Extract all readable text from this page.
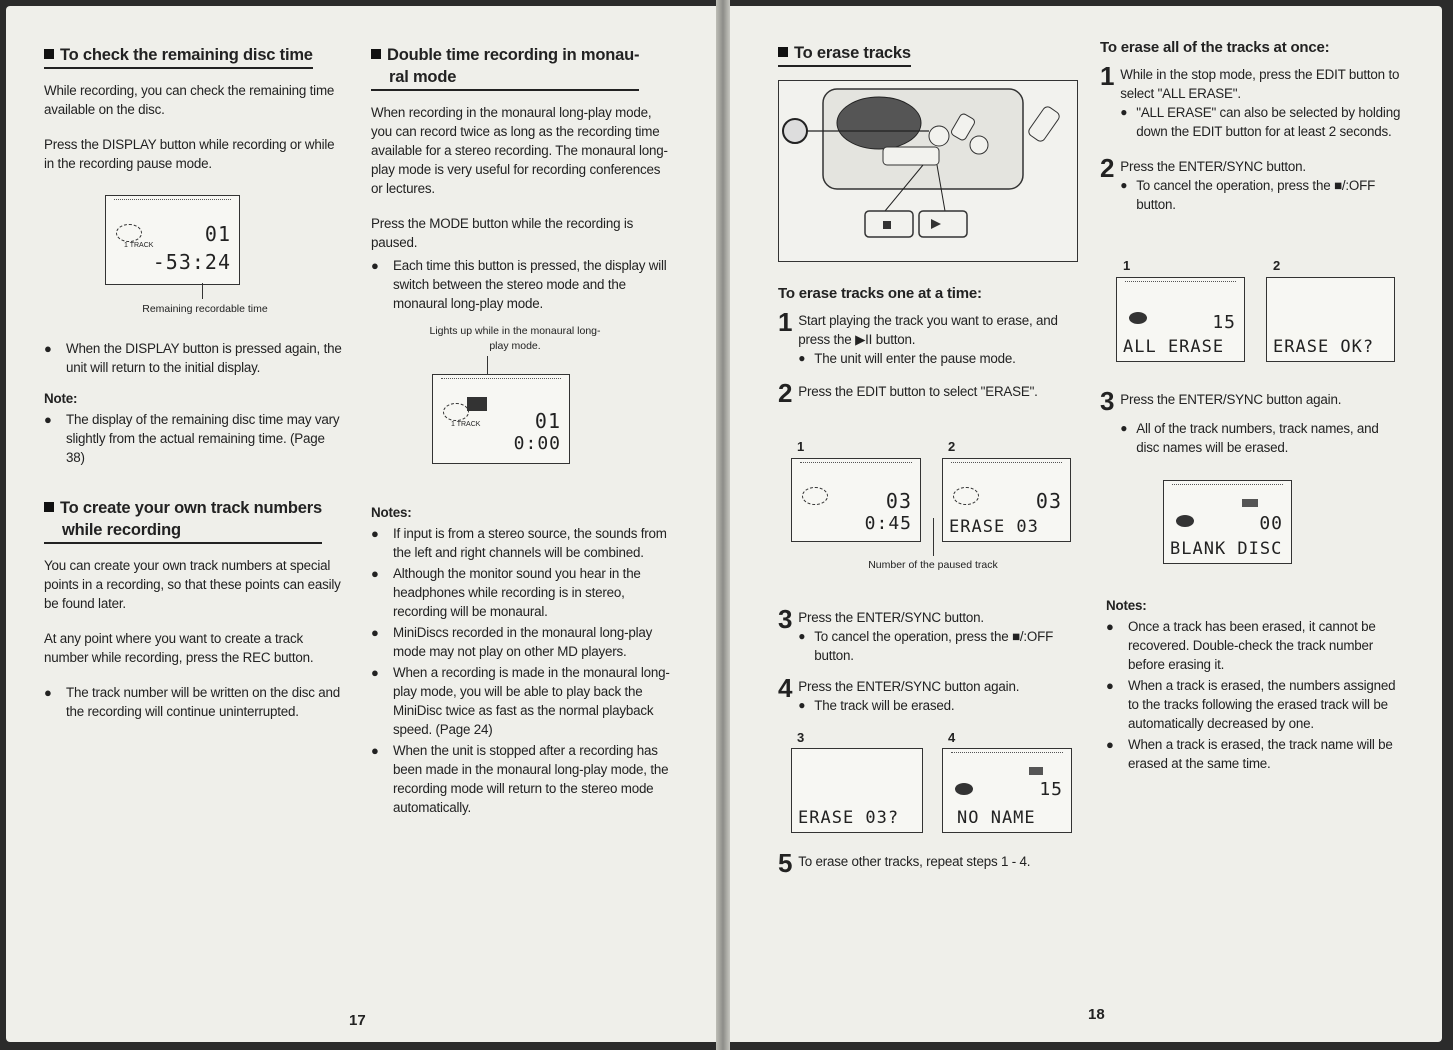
To check the remaining disc time

While recording, you can check the remaining time available on the disc.

Press the DISPLAY button while recording or while in the recording pause mode.

● When the DISPLAY button is pressed again, the unit will return to the initial display.
Note:
● The display of the remaining disc time may vary slightly from the actual remaining time. (Page 38)
To create your own track numbers
while recording

You can create your own track numbers at special points in a recording, so that these points can easily be found later.

At any point where you want to create a track number while recording, press the REC button.

● The track number will be written on the disc and the recording will continue uninterrupted.
1 TRACK	01
-53:24
Remaining recordable time
Double time recording in monau-
ral mode

When recording in the monaural long-play mode, you can record twice as long as the recording time available for a stereo recording. The monaural long-play mode is very useful for recording conferences or lectures.

Press the MODE button while the recording is paused.

● Each time this button is pressed, the display will switch between the stereo mode and the monaural long-play mode.
Notes:
● If input is from a stereo source, the sounds from the left and right channels will be combined.
● Although the monitor sound you hear in the headphones while recording is in stereo, recording will be monaural.
● MiniDiscs recorded in the monaural long-play mode may not play on other MD players.
● When a recording is made in the monaural long-play mode, you will be able to play back the MiniDisc twice as fast as the normal playback speed. (Page 24)
● When the unit is stopped after a recording has been made in the monaural long-play mode, the recording mode will return to the stereo mode automatically.
Lights up while in the monaural long-play mode.
1 TRACK	01
0:00
17
To erase tracks
To erase tracks one at a time:
1 Start playing the track you want to erase, and press the ▶II button.
● The unit will enter the pause mode.
2 Press the EDIT button to select "ERASE".
1	2
03
0:45
03
ERASE 03
Number of the paused track
3 Press the ENTER/SYNC button.
● To cancel the operation, press the ■/:OFF button.
4 Press the ENTER/SYNC button again.
● The track will be erased.
3	4
ERASE 03?
15
NO NAME
5 To erase other tracks, repeat steps 1 - 4.
To erase all of the tracks at once:
1 While in the stop mode, press the EDIT button to select "ALL ERASE".
● "ALL ERASE" can also be selected by holding down the EDIT button for at least 2 seconds.
2 Press the ENTER/SYNC button.
● To cancel the operation, press the ■/:OFF button.
1	2
15
ALL ERASE	ERASE OK?
3 Press the ENTER/SYNC button again.
● All of the track numbers, track names, and disc names will be erased.
00
BLANK DISC
Notes:
● Once a track has been erased, it cannot be recovered. Double-check the track number before erasing it.
● When a track is erased, the numbers assigned to the tracks following the erased track will be automatically decreased by one.
● When a track is erased, the track name will be erased at the same time.
18
